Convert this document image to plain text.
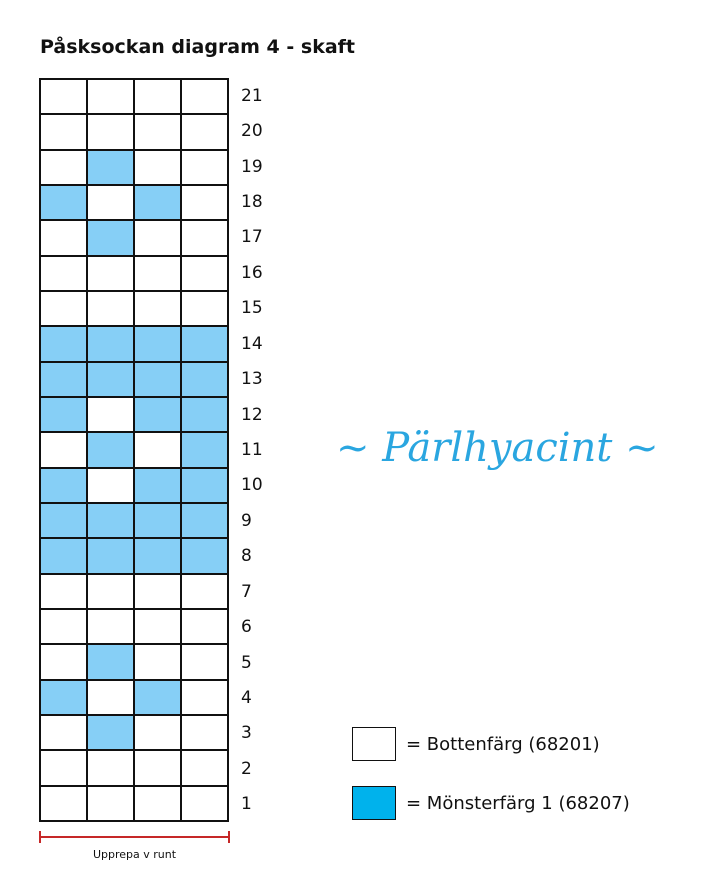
Påsksockan diagram 4 - skaft
21
20
19
18
17
16
15
14
13
12
11
10
9
8
7
6
5
4
3
2
1
Upprepa v runt
~ Pärlhyacint ~
= Bottenfärg (68201)
= Mönsterfärg 1 (68207)
